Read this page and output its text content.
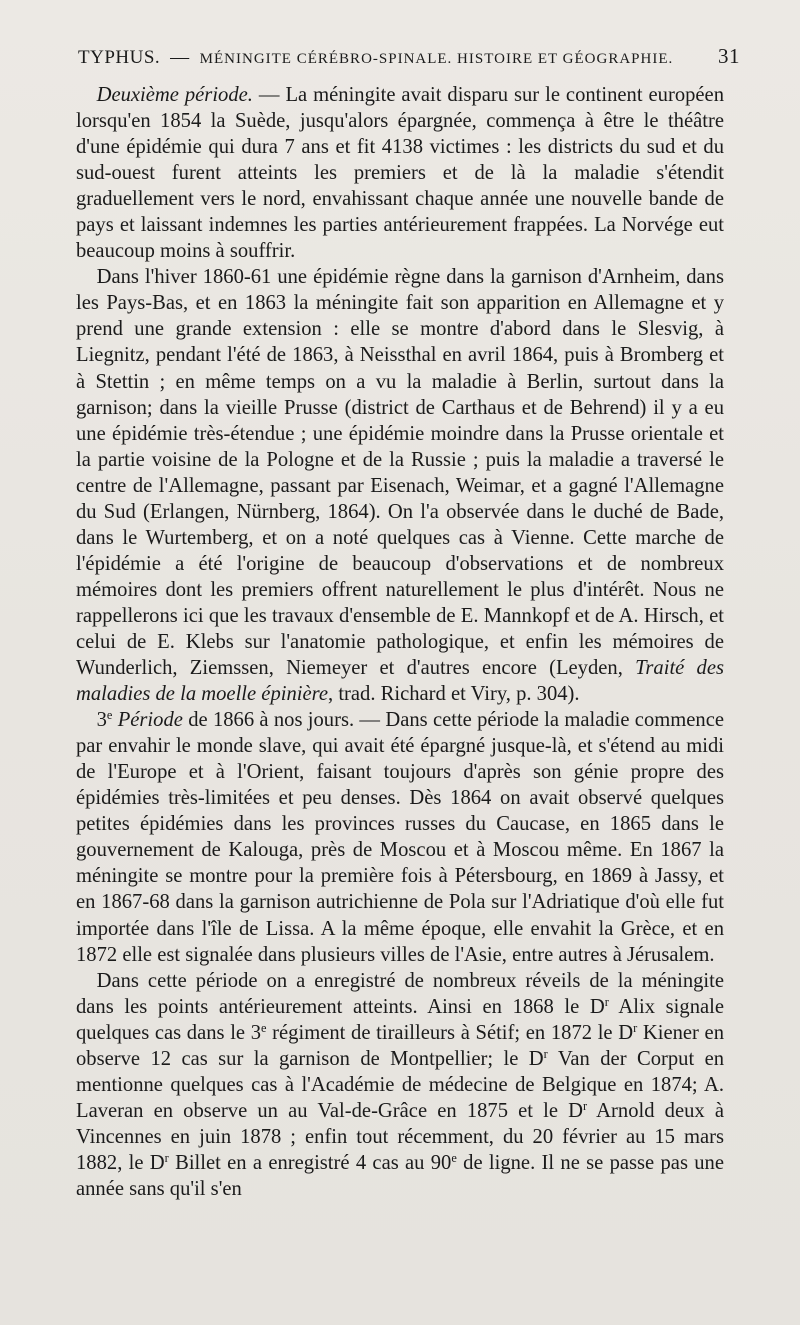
TYPHUS. — MÉNINGITE CÉRÉBRO-SPINALE. HISTOIRE ET GÉOGRAPHIE.	31

Deuxième période. — La méningite avait disparu sur le continent européen lorsqu'en 1854 la Suède, jusqu'alors épargnée, commença à être le théâtre d'une épidémie qui dura 7 ans et fit 4138 victimes : les districts du sud et du sud-ouest furent atteints les premiers et de là la maladie s'étendit graduellement vers le nord, envahissant chaque année une nouvelle bande de pays et laissant indemnes les parties antérieurement frappées. La Norvége eut beaucoup moins à souffrir.

Dans l'hiver 1860-61 une épidémie règne dans la garnison d'Arnheim, dans les Pays-Bas, et en 1863 la méningite fait son apparition en Allemagne et y prend une grande extension : elle se montre d'abord dans le Slesvig, à Liegnitz, pendant l'été de 1863, à Neissthal en avril 1864, puis à Bromberg et à Stettin ; en même temps on a vu la maladie à Berlin, surtout dans la garnison; dans la vieille Prusse (district de Carthaus et de Behrend) il y a eu une épidémie très-étendue ; une épidémie moindre dans la Prusse orientale et la partie voisine de la Pologne et de la Russie ; puis la maladie a traversé le centre de l'Allemagne, passant par Eisenach, Weimar, et a gagné l'Allemagne du Sud (Erlangen, Nürnberg, 1864). On l'a observée dans le duché de Bade, dans le Wurtemberg, et on a noté quelques cas à Vienne. Cette marche de l'épidémie a été l'origine de beaucoup d'observations et de nombreux mémoires dont les premiers offrent naturellement le plus d'intérêt. Nous ne rappellerons ici que les travaux d'ensemble de E. Mannkopf et de A. Hirsch, et celui de E. Klebs sur l'anatomie pathologique, et enfin les mémoires de Wunderlich, Ziemssen, Niemeyer et d'autres encore (Leyden, Traité des maladies de la moelle épinière, trad. Richard et Viry, p. 304).

3e Période de 1866 à nos jours. — Dans cette période la maladie commence par envahir le monde slave, qui avait été épargné jusque-là, et s'étend au midi de l'Europe et à l'Orient, faisant toujours d'après son génie propre des épidémies très-limitées et peu denses. Dès 1864 on avait observé quelques petites épidémies dans les provinces russes du Caucase, en 1865 dans le gouvernement de Kalouga, près de Moscou et à Moscou même. En 1867 la méningite se montre pour la première fois à Pétersbourg, en 1869 à Jassy, et en 1867-68 dans la garnison autrichienne de Pola sur l'Adriatique d'où elle fut importée dans l'île de Lissa. A la même époque, elle envahit la Grèce, et en 1872 elle est signalée dans plusieurs villes de l'Asie, entre autres à Jérusalem.

Dans cette période on a enregistré de nombreux réveils de la méningite dans les points antérieurement atteints. Ainsi en 1868 le $D^r$ Alix signale quelques cas dans le 3e régiment de tirailleurs à Sétif; en 1872 le $D^r$ Kiener en observe 12 cas sur la garnison de Montpellier; le $D^r$ Van der Corput en mentionne quelques cas à l'Académie de médecine de Belgique en 1874; A. Laveran en observe un au Val-de-Grâce en 1875 et le $D^r$ Arnold deux à Vincennes en juin 1878 ; enfin tout récemment, du 20 février au 15 mars 1882, le $D^r$ Billet en a enregistré 4 cas au 90e de ligne. Il ne se passe pas une année sans qu'il s'en
